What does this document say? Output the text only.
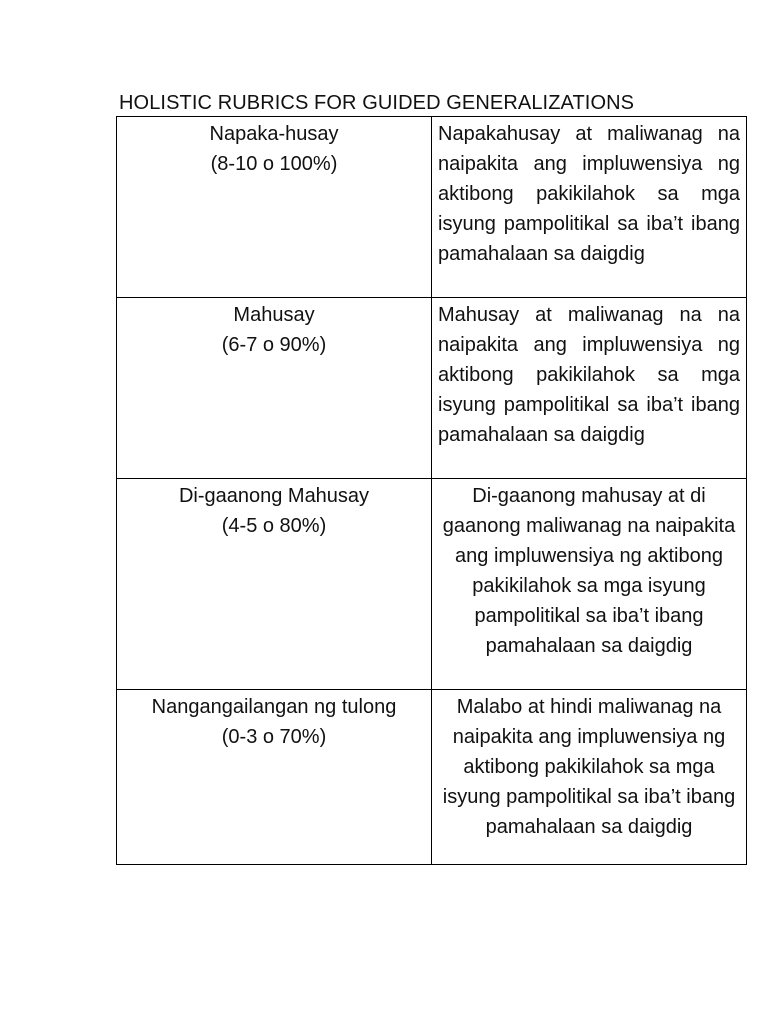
HOLISTIC RUBRICS FOR GUIDED GENERALIZATIONS
Napaka-husay
(8-10 o 100%)	Napakahusay at maliwanag na naipakita ang impluwensiya ng aktibong pakikilahok sa mga isyung pampolitikal sa iba’t ibang pamahalaan sa daigdig

Mahusay
(6-7 o 90%)	Mahusay at maliwanag na na naipakita ang impluwensiya ng aktibong pakikilahok sa mga isyung pampolitikal sa iba’t ibang pamahalaan sa daigdig

Di-gaanong Mahusay
(4-5 o 80%)	Di-gaanong mahusay at di gaanong maliwanag na naipakita ang impluwensiya ng aktibong pakikilahok sa mga isyung pampolitikal sa iba’t ibang pamahalaan sa daigdig

Nangangailangan ng tulong
(0-3 o 70%)	Malabo at hindi maliwanag na naipakita ang impluwensiya ng aktibong pakikilahok sa mga isyung pampolitikal sa iba’t ibang pamahalaan sa daigdig
